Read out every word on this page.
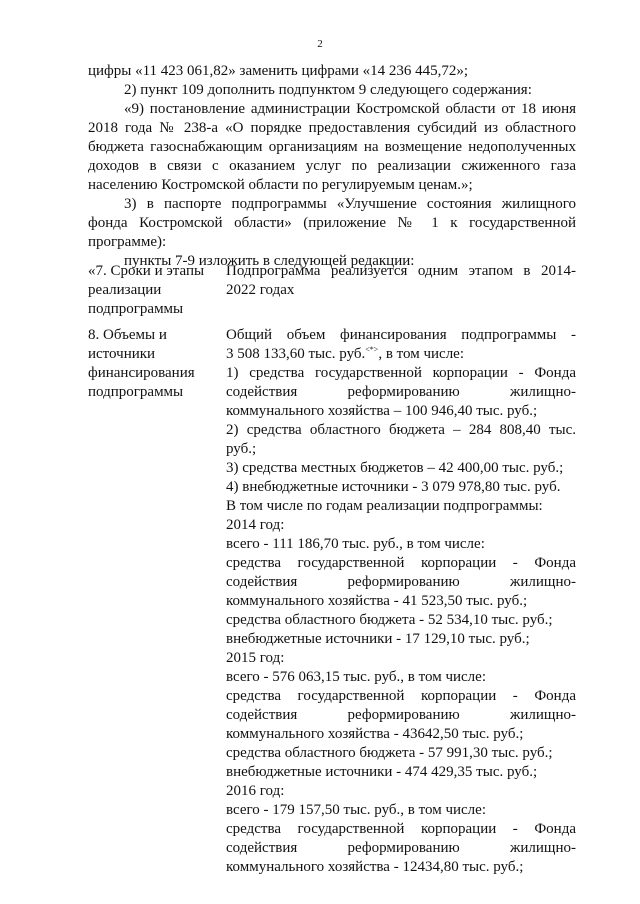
2

цифры «11 423 061,82» заменить цифрами «14 236 445,72»;

2) пункт 109 дополнить подпунктом 9 следующего содержания:

«9) постановление администрации Костромской области от 18 июня 2018 года № 238-а «О порядке предоставления субсидий из областного бюджета газоснабжающим организациям на возмещение недополученных доходов в связи с оказанием услуг по реализации сжиженного газа населению Костромской области по регулируемым ценам.»;

3) в паспорте подпрограммы «Улучшение состояния жилищного фонда Костромской области» (приложение № 1 к государственной программе):

пункты 7-9 изложить в следующей редакции:

«7. Сроки и этапы
реализации
подпрограммы
Подпрограмма реализуется одним этапом в 2014-
2022 годах
8. Объемы и
источники
финансирования
подпрограммы
Общий объем финансирования подпрограммы -
3 508 133,60 тыс. руб.<*>, в том числе:
1) средства государственной корпорации - Фонда
содействия реформированию жилищно-
коммунального хозяйства – 100 946,40 тыс. руб.;
2) средства областного бюджета – 284 808,40 тыс.
руб.;
3) средства местных бюджетов – 42 400,00 тыс. руб.;
4) внебюджетные источники - 3 079 978,80 тыс. руб.
В том числе по годам реализации подпрограммы:
2014 год:
всего - 111 186,70 тыс. руб., в том числе:
средства государственной корпорации - Фонда
содействия реформированию жилищно-
коммунального хозяйства - 41 523,50 тыс. руб.;
средства областного бюджета - 52 534,10 тыс. руб.;
внебюджетные источники - 17 129,10 тыс. руб.;
2015 год:
всего - 576 063,15 тыс. руб., в том числе:
средства государственной корпорации - Фонда
содействия реформированию жилищно-
коммунального хозяйства - 43642,50 тыс. руб.;
средства областного бюджета - 57 991,30 тыс. руб.;
внебюджетные источники - 474 429,35 тыс. руб.;
2016 год:
всего - 179 157,50 тыс. руб., в том числе:
средства государственной корпорации - Фонда
содействия реформированию жилищно-
коммунального хозяйства - 12434,80 тыс. руб.;
